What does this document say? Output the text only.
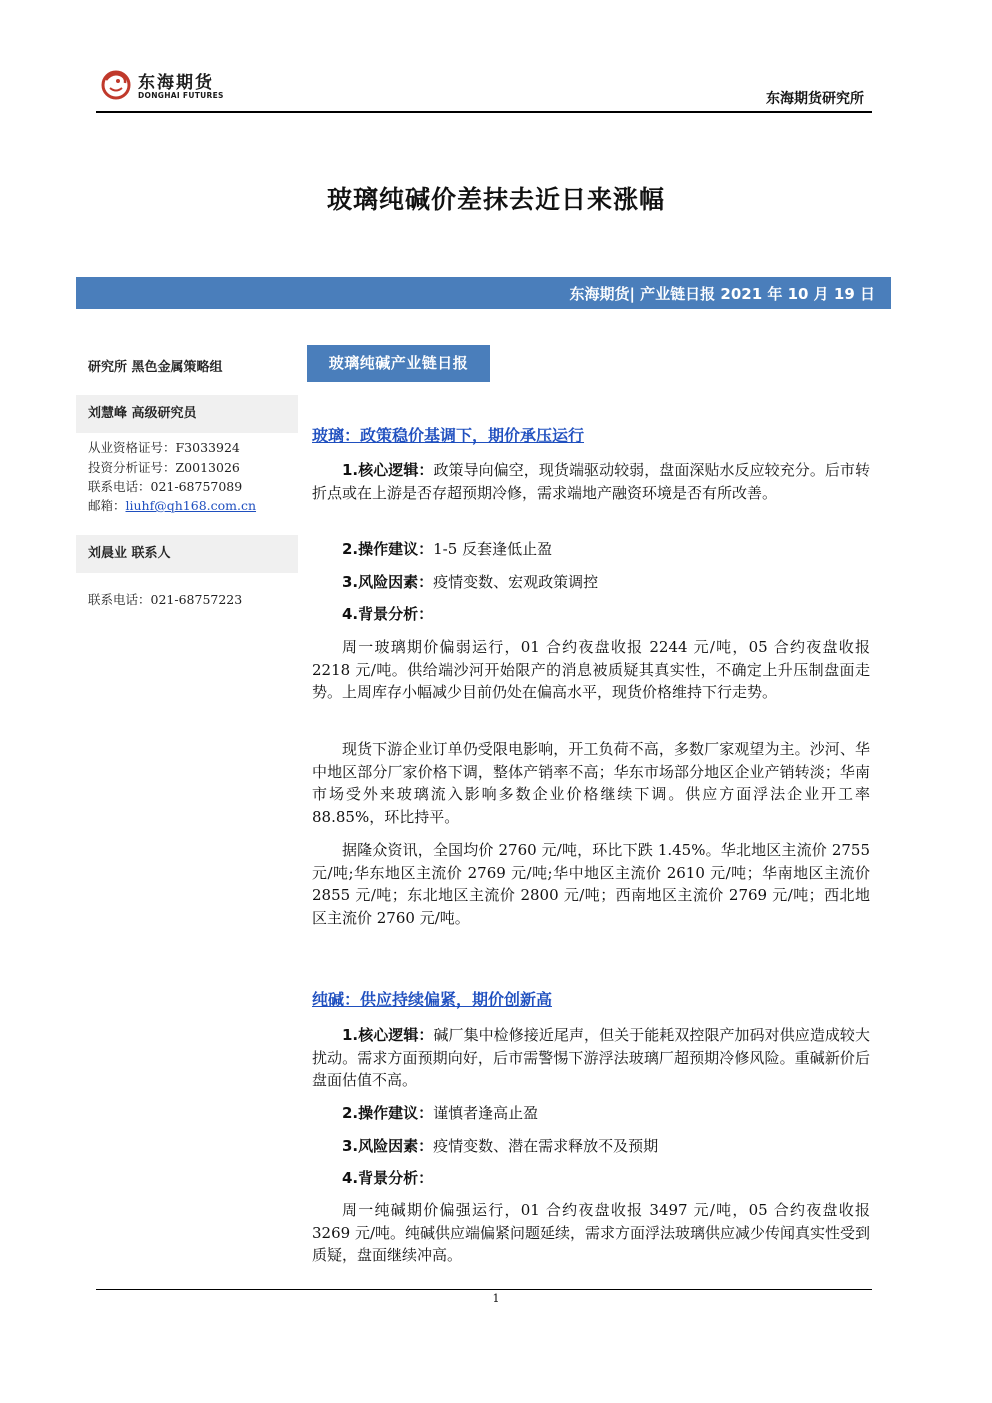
东海期货
DONGHAI FUTURES	东海期货研究所
玻璃纯碱价差抹去近日来涨幅
东海期货| 产业链日报 2021 年 10 月 19 日
研究所 黑色金属策略组
刘慧峰 高级研究员
从业资格证号：F3033924
投资分析证号：Z0013026
联系电话：021-68757089
邮箱：liuhf@qh168.com.cn
刘晨业 联系人
联系电话：021-68757223
玻璃纯碱产业链日报
玻璃：政策稳价基调下，期价承压运行
1.核心逻辑：政策导向偏空，现货端驱动较弱，盘面深贴水反应较充分。后市转折点或在上游是否存超预期冷修，需求端地产融资环境是否有所改善。
2.操作建议：1-5 反套逢低止盈
3.风险因素：疫情变数、宏观政策调控
4.背景分析：
周一玻璃期价偏弱运行，01 合约夜盘收报 2244 元/吨，05 合约夜盘收报 2218 元/吨。供给端沙河开始限产的消息被质疑其真实性，不确定上升压制盘面走势。上周库存小幅减少目前仍处在偏高水平，现货价格维持下行走势。
现货下游企业订单仍受限电影响，开工负荷不高，多数厂家观望为主。沙河、华中地区部分厂家价格下调，整体产销率不高；华东市场部分地区企业产销转淡；华南市场受外来玻璃流入影响多数企业价格继续下调。供应方面浮法企业开工率 88.85%，环比持平。
据隆众资讯，全国均价 2760 元/吨，环比下跌 1.45%。华北地区主流价 2755 元/吨;华东地区主流价 2769 元/吨;华中地区主流价 2610 元/吨；华南地区主流价 2855 元/吨；东北地区主流价 2800 元/吨；西南地区主流价 2769 元/吨；西北地区主流价 2760 元/吨。
纯碱：供应持续偏紧，期价创新高
1.核心逻辑：碱厂集中检修接近尾声，但关于能耗双控限产加码对供应造成较大扰动。需求方面预期向好，后市需警惕下游浮法玻璃厂超预期冷修风险。重碱新价后盘面估值不高。
2.操作建议：谨慎者逢高止盈
3.风险因素：疫情变数、潜在需求释放不及预期
4.背景分析：
周一纯碱期价偏强运行，01 合约夜盘收报 3497 元/吨，05 合约夜盘收报 3269 元/吨。纯碱供应端偏紧问题延续，需求方面浮法玻璃供应减少传闻真实性受到质疑，盘面继续冲高。
1
